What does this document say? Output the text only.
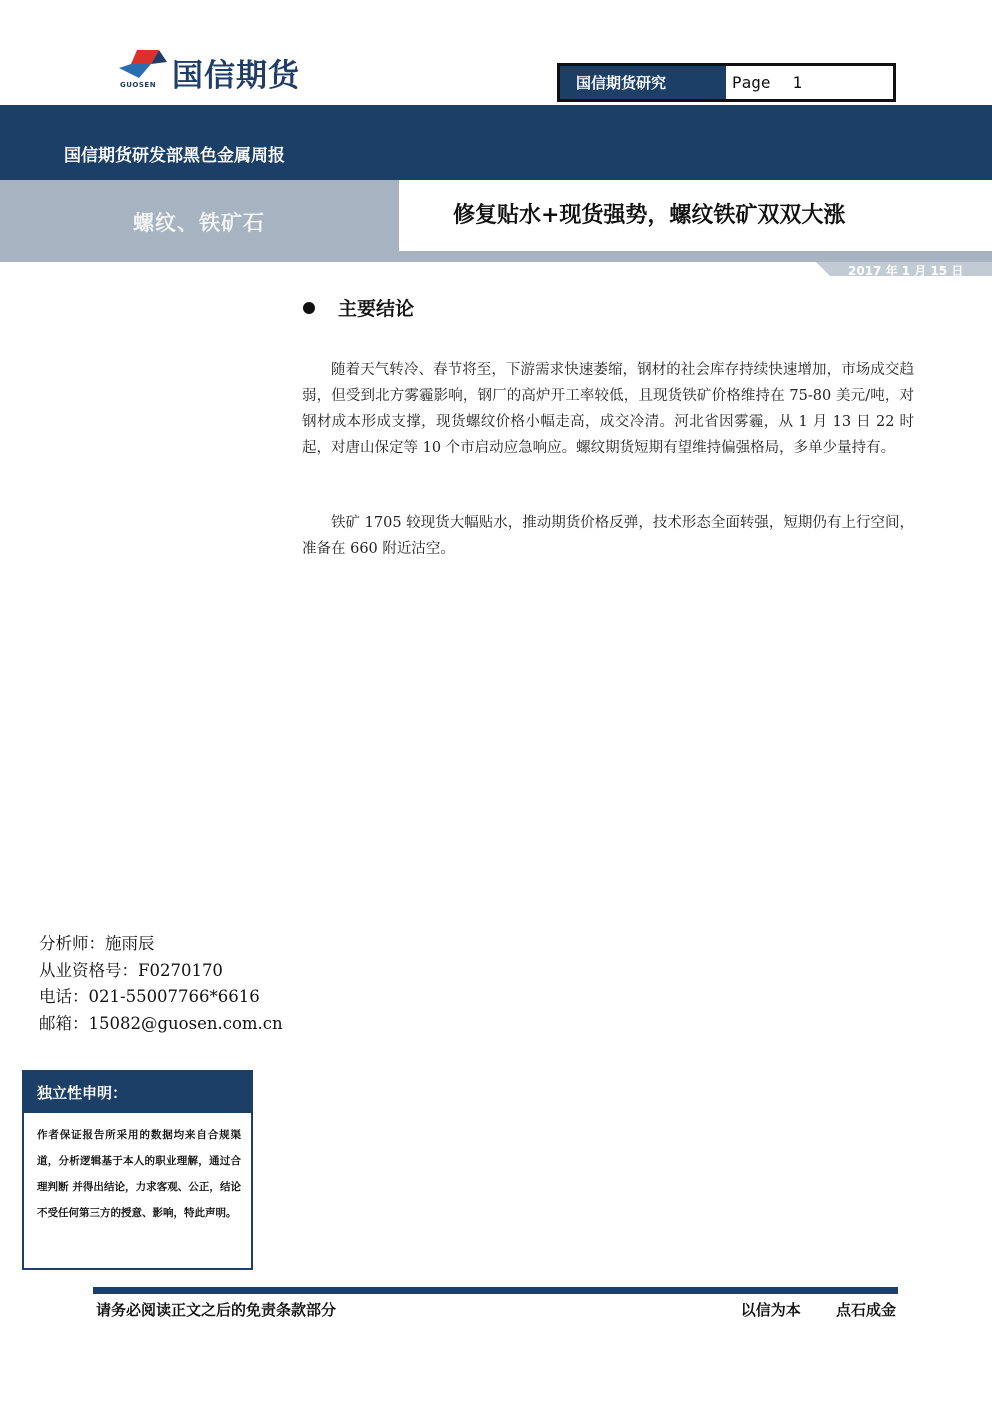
国信期货
GUOSEN	国信期货研究	Page 1
国信期货研发部黑色金属周报
螺纹、铁矿石	修复贴水+现货强势，螺纹铁矿双双大涨
2017 年 1 月 15 日
主要结论

随着天气转冷、春节将至，下游需求快速萎缩，钢材的社会库存持续快速增加，市场成交趋弱，但受到北方雾霾影响，钢厂的高炉开工率较低，且现货铁矿价格维持在 75-80 美元/吨，对钢材成本形成支撑，现货螺纹价格小幅走高，成交冷清。河北省因雾霾，从 1 月 13 日 22 时起，对唐山保定等 10 个市启动应急响应。螺纹期货短期有望维持偏强格局，多单少量持有。

铁矿 1705 较现货大幅贴水，推动期货价格反弹，技术形态全面转强，短期仍有上行空间，准备在 660 附近沽空。

分析师：施雨辰
从业资格号：F0270170
电话：021-55007766*6616
邮箱：15082@guosen.com.cn
独立性申明：
作者保证报告所采用的数据均来自合规渠道，分析逻辑基于本人的职业理解，通过合理判断 并得出结论，力求客观、公正，结论不受任何第三方的授意、影响，特此声明。
请务必阅读正文之后的免责条款部分	以信为本 点石成金
